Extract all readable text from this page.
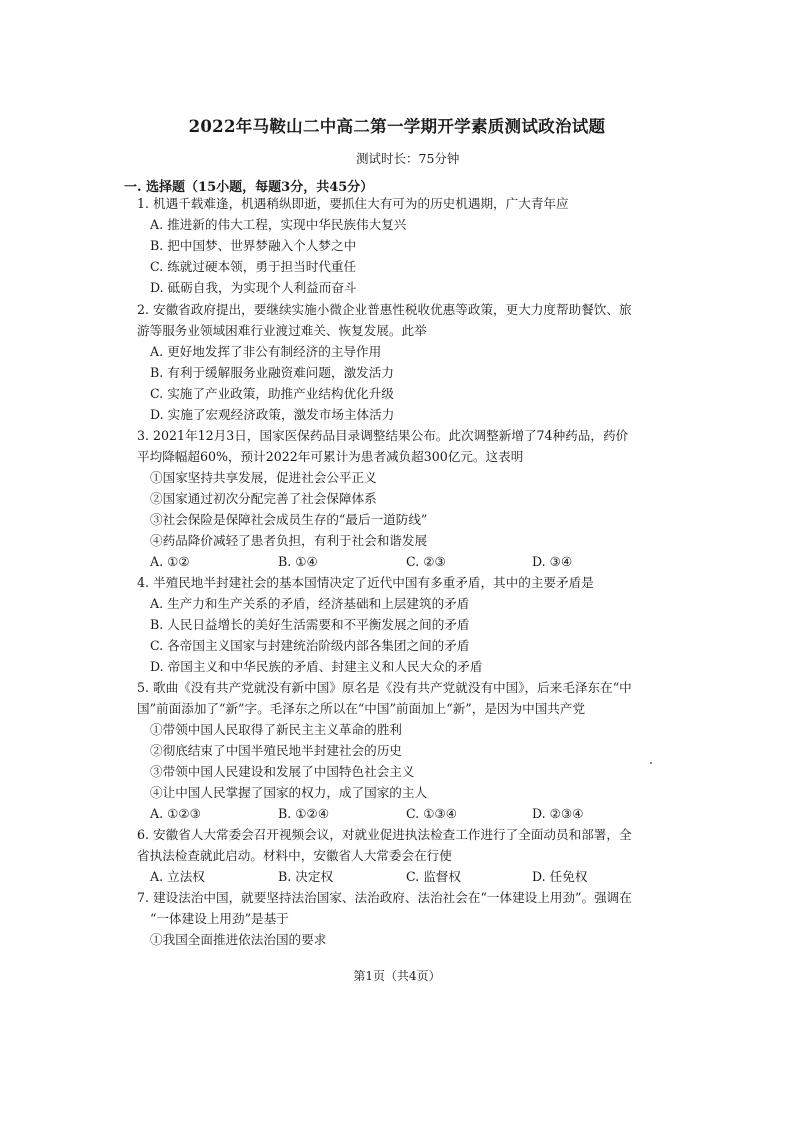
2022年马鞍山二中高二第一学期开学素质测试政治试题
测试时长：75分钟
一. 选择题（15小题，每题3分，共45分）
1. 机遇千载难逢，机遇稍纵即逝，要抓住大有可为的历史机遇期，广大青年应
A. 推进新的伟大工程，实现中华民族伟大复兴
B. 把中国梦、世界梦融入个人梦之中
C. 练就过硬本领，勇于担当时代重任
D. 砥砺自我，为实现个人利益而奋斗
2. 安徽省政府提出，要继续实施小微企业普惠性税收优惠等政策，更大力度帮助餐饮、旅
游等服务业领域困难行业渡过难关、恢复发展。此举
A. 更好地发挥了非公有制经济的主导作用
B. 有利于缓解服务业融资难问题，激发活力
C. 实施了产业政策，助推产业结构优化升级
D. 实施了宏观经济政策，激发市场主体活力
3. 2021年12月3日，国家医保药品目录调整结果公布。此次调整新增了74种药品，药价
平均降幅超60%，预计2022年可累计为患者减负超300亿元。这表明
①国家坚持共享发展，促进社会公平正义
②国家通过初次分配完善了社会保障体系
③社会保险是保障社会成员生存的“最后一道防线”
④药品降价减轻了患者负担，有利于社会和谐发展
A. ①②	B. ①④	C. ②③	D. ③④
4. 半殖民地半封建社会的基本国情决定了近代中国有多重矛盾，其中的主要矛盾是
A. 生产力和生产关系的矛盾，经济基础和上层建筑的矛盾
B. 人民日益增长的美好生活需要和不平衡发展之间的矛盾
C. 各帝国主义国家与封建统治阶级内部各集团之间的矛盾
D. 帝国主义和中华民族的矛盾、封建主义和人民大众的矛盾
5. 歌曲《没有共产党就没有新中国》原名是《没有共产党就没有中国》，后来毛泽东在“中
国”前面添加了“新”字。毛泽东之所以在“中国”前面加上“新”，是因为中国共产党
①带领中国人民取得了新民主主义革命的胜利
②彻底结束了中国半殖民地半封建社会的历史
③带领中国人民建设和发展了中国特色社会主义
④让中国人民掌握了国家的权力，成了国家的主人
A. ①②③	B. ①②④	C. ①③④	D. ②③④
6. 安徽省人大常委会召开视频会议，对就业促进执法检查工作进行了全面动员和部署，全
省执法检查就此启动。材料中，安徽省人大常委会在行使
A. 立法权	B. 决定权	C. 监督权	D. 任免权
7. 建设法治中国，就要坚持法治国家、法治政府、法治社会在“一体建设上用劲”。强调在
“一体建设上用劲”是基于
①我国全面推进依法治国的要求
第1页（共4页）
